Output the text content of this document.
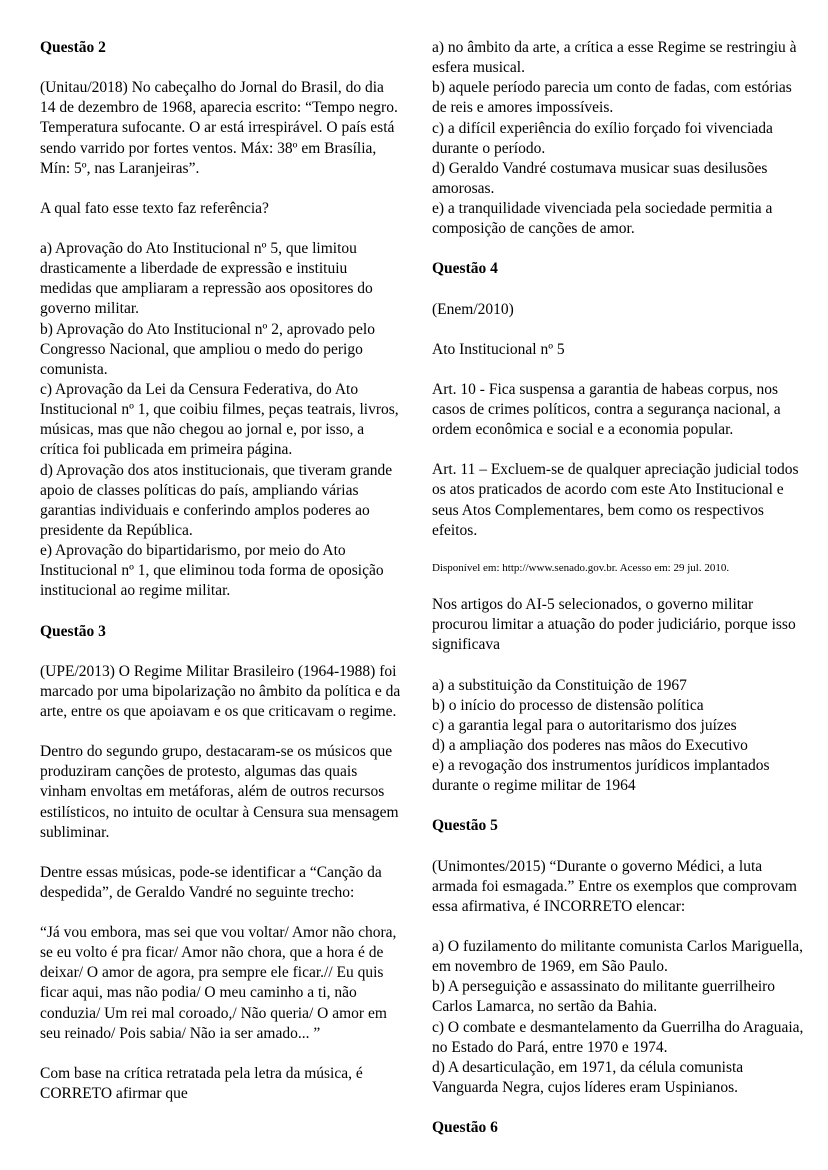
Questão 2

(Unitau/2018) No cabeçalho do Jornal do Brasil, do dia 14 de dezembro de 1968, aparecia escrito: “Tempo negro. Temperatura sufocante. O ar está irrespirável. O país está sendo varrido por fortes ventos. Máx: 38º em Brasília, Mín: 5º, nas Laranjeiras”.

A qual fato esse texto faz referência?

a) Aprovação do Ato Institucional nº 5, que limitou drasticamente a liberdade de expressão e instituiu medidas que ampliaram a repressão aos opositores do governo militar.
b) Aprovação do Ato Institucional nº 2, aprovado pelo Congresso Nacional, que ampliou o medo do perigo comunista.
c) Aprovação da Lei da Censura Federativa, do Ato Institucional nº 1, que coibiu filmes, peças teatrais, livros, músicas, mas que não chegou ao jornal e, por isso, a crítica foi publicada em primeira página.
d) Aprovação dos atos institucionais, que tiveram grande apoio de classes políticas do país, ampliando várias garantias individuais e conferindo amplos poderes ao presidente da República.
e) Aprovação do bipartidarismo, por meio do Ato Institucional nº 1, que eliminou toda forma de oposição institucional ao regime militar.
Questão 3

(UPE/2013) O Regime Militar Brasileiro (1964-1988) foi marcado por uma bipolarização no âmbito da política e da arte, entre os que apoiavam e os que criticavam o regime.

Dentro do segundo grupo, destacaram-se os músicos que produziram canções de protesto, algumas das quais vinham envoltas em metáforas, além de outros recursos estilísticos, no intuito de ocultar à Censura sua mensagem subliminar.

Dentre essas músicas, pode-se identificar a “Canção da despedida”, de Geraldo Vandré no seguinte trecho:

“Já vou embora, mas sei que vou voltar/ Amor não chora, se eu volto é pra ficar/ Amor não chora, que a hora é de deixar/ O amor de agora, pra sempre ele ficar.// Eu quis ficar aqui, mas não podia/ O meu caminho a ti, não conduzia/ Um rei mal coroado,/ Não queria/ O amor em seu reinado/ Pois sabia/ Não ia ser amado... ”

Com base na crítica retratada pela letra da música, é CORRETO afirmar que

a) no âmbito da arte, a crítica a esse Regime se restringiu à esfera musical.
b) aquele período parecia um conto de fadas, com estórias de reis e amores impossíveis.
c) a difícil experiência do exílio forçado foi vivenciada durante o período.
d) Geraldo Vandré costumava musicar suas desilusões amorosas.
e) a tranquilidade vivenciada pela sociedade permitia a composição de canções de amor.
Questão 4

(Enem/2010)

Ato Institucional nº 5

Art. 10 - Fica suspensa a garantia de habeas corpus, nos casos de crimes políticos, contra a segurança nacional, a ordem econômica e social e a economia popular.

Art. 11 – Excluem-se de qualquer apreciação judicial todos os atos praticados de acordo com este Ato Institucional e seus Atos Complementares, bem como os respectivos efeitos.

Disponível em: http://www.senado.gov.br. Acesso em: 29 jul. 2010.

Nos artigos do AI-5 selecionados, o governo militar procurou limitar a atuação do poder judiciário, porque isso significava

a) a substituição da Constituição de 1967
b) o início do processo de distensão política
c) a garantia legal para o autoritarismo dos juízes
d) a ampliação dos poderes nas mãos do Executivo
e) a revogação dos instrumentos jurídicos implantados durante o regime militar de 1964
Questão 5

(Unimontes/2015) “Durante o governo Médici, a luta armada foi esmagada.” Entre os exemplos que comprovam essa afirmativa, é INCORRETO elencar:

a) O fuzilamento do militante comunista Carlos Mariguella, em novembro de 1969, em São Paulo.
b) A perseguição e assassinato do militante guerrilheiro Carlos Lamarca, no sertão da Bahia.
c) O combate e desmantelamento da Guerrilha do Araguaia, no Estado do Pará, entre 1970 e 1974.
d) A desarticulação, em 1971, da célula comunista Vanguarda Negra, cujos líderes eram Uspinianos.
Questão 6
